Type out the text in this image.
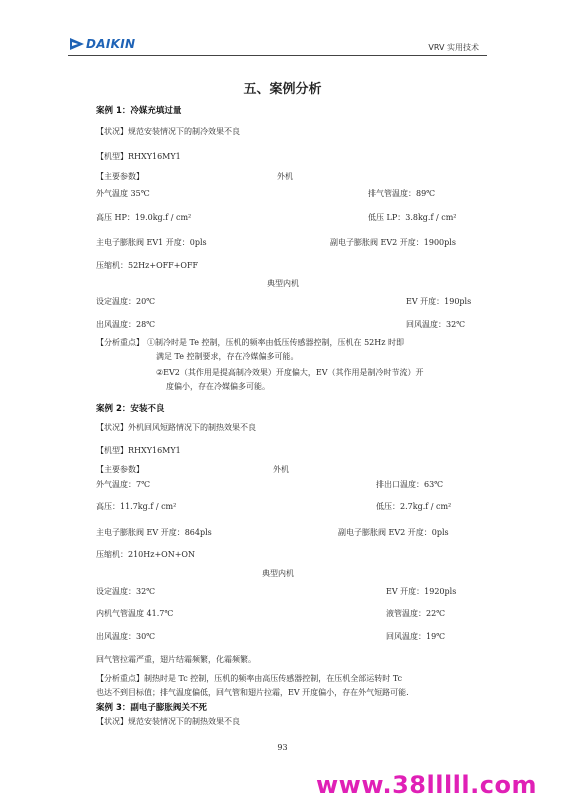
DAIKIN	VRV 实用技术
五、案例分析
案例 1：冷媒充填过量
【状况】规范安装情况下的制冷效果不良
【机型】RHXY16MY1
【主要参数】	外机
外气温度 35℃	排气管温度：89℃
高压 HP：19.0kg.f / cm²	低压 LP：3.8kg.f / cm²
主电子膨胀阀 EV1 开度：0pls	副电子膨胀阀 EV2 开度：1900pls
压缩机：52Hz+OFF+OFF
典型内机
设定温度：20℃	EV 开度：190pls
出风温度：28℃	回风温度：32℃
【分析重点】 ①制冷时是 Te 控制，压机的频率由低压传感器控制，压机在 52Hz 时即
满足 Te 控制要求，存在冷媒偏多可能。
②EV2（其作用是提高制冷效果）开度偏大，EV（其作用是制冷时节流）开
度偏小，存在冷媒偏多可能。
案例 2：安装不良
【状况】外机回风短路情况下的制热效果不良
【机型】RHXY16MY1
【主要参数】	外机
外气温度：7℃	排出口温度：63℃
高压：11.7kg.f / cm²	低压：2.7kg.f / cm²
主电子膨胀阀 EV 开度：864pls	副电子膨胀阀 EV2 开度：0pls
压缩机：210Hz+ON+ON
典型内机
设定温度：32℃	EV 开度：1920pls
内机气管温度 41.7℃	液管温度：22℃
出风温度：30℃	回风温度：19℃
回气管拉霜严重，翅片结霜频繁，化霜频繁。
【分析重点】制热时是 Tc 控制，压机的频率由高压传感器控制，在压机全部运转时 Tc
也达不到目标值；排气温度偏低，回气管和翅片拉霜，EV 开度偏小，存在外气短路可能.
案例 3：副电子膨胀阀关不死
【状况】规范安装情况下的制热效果不良
93
www.38lllll.com
